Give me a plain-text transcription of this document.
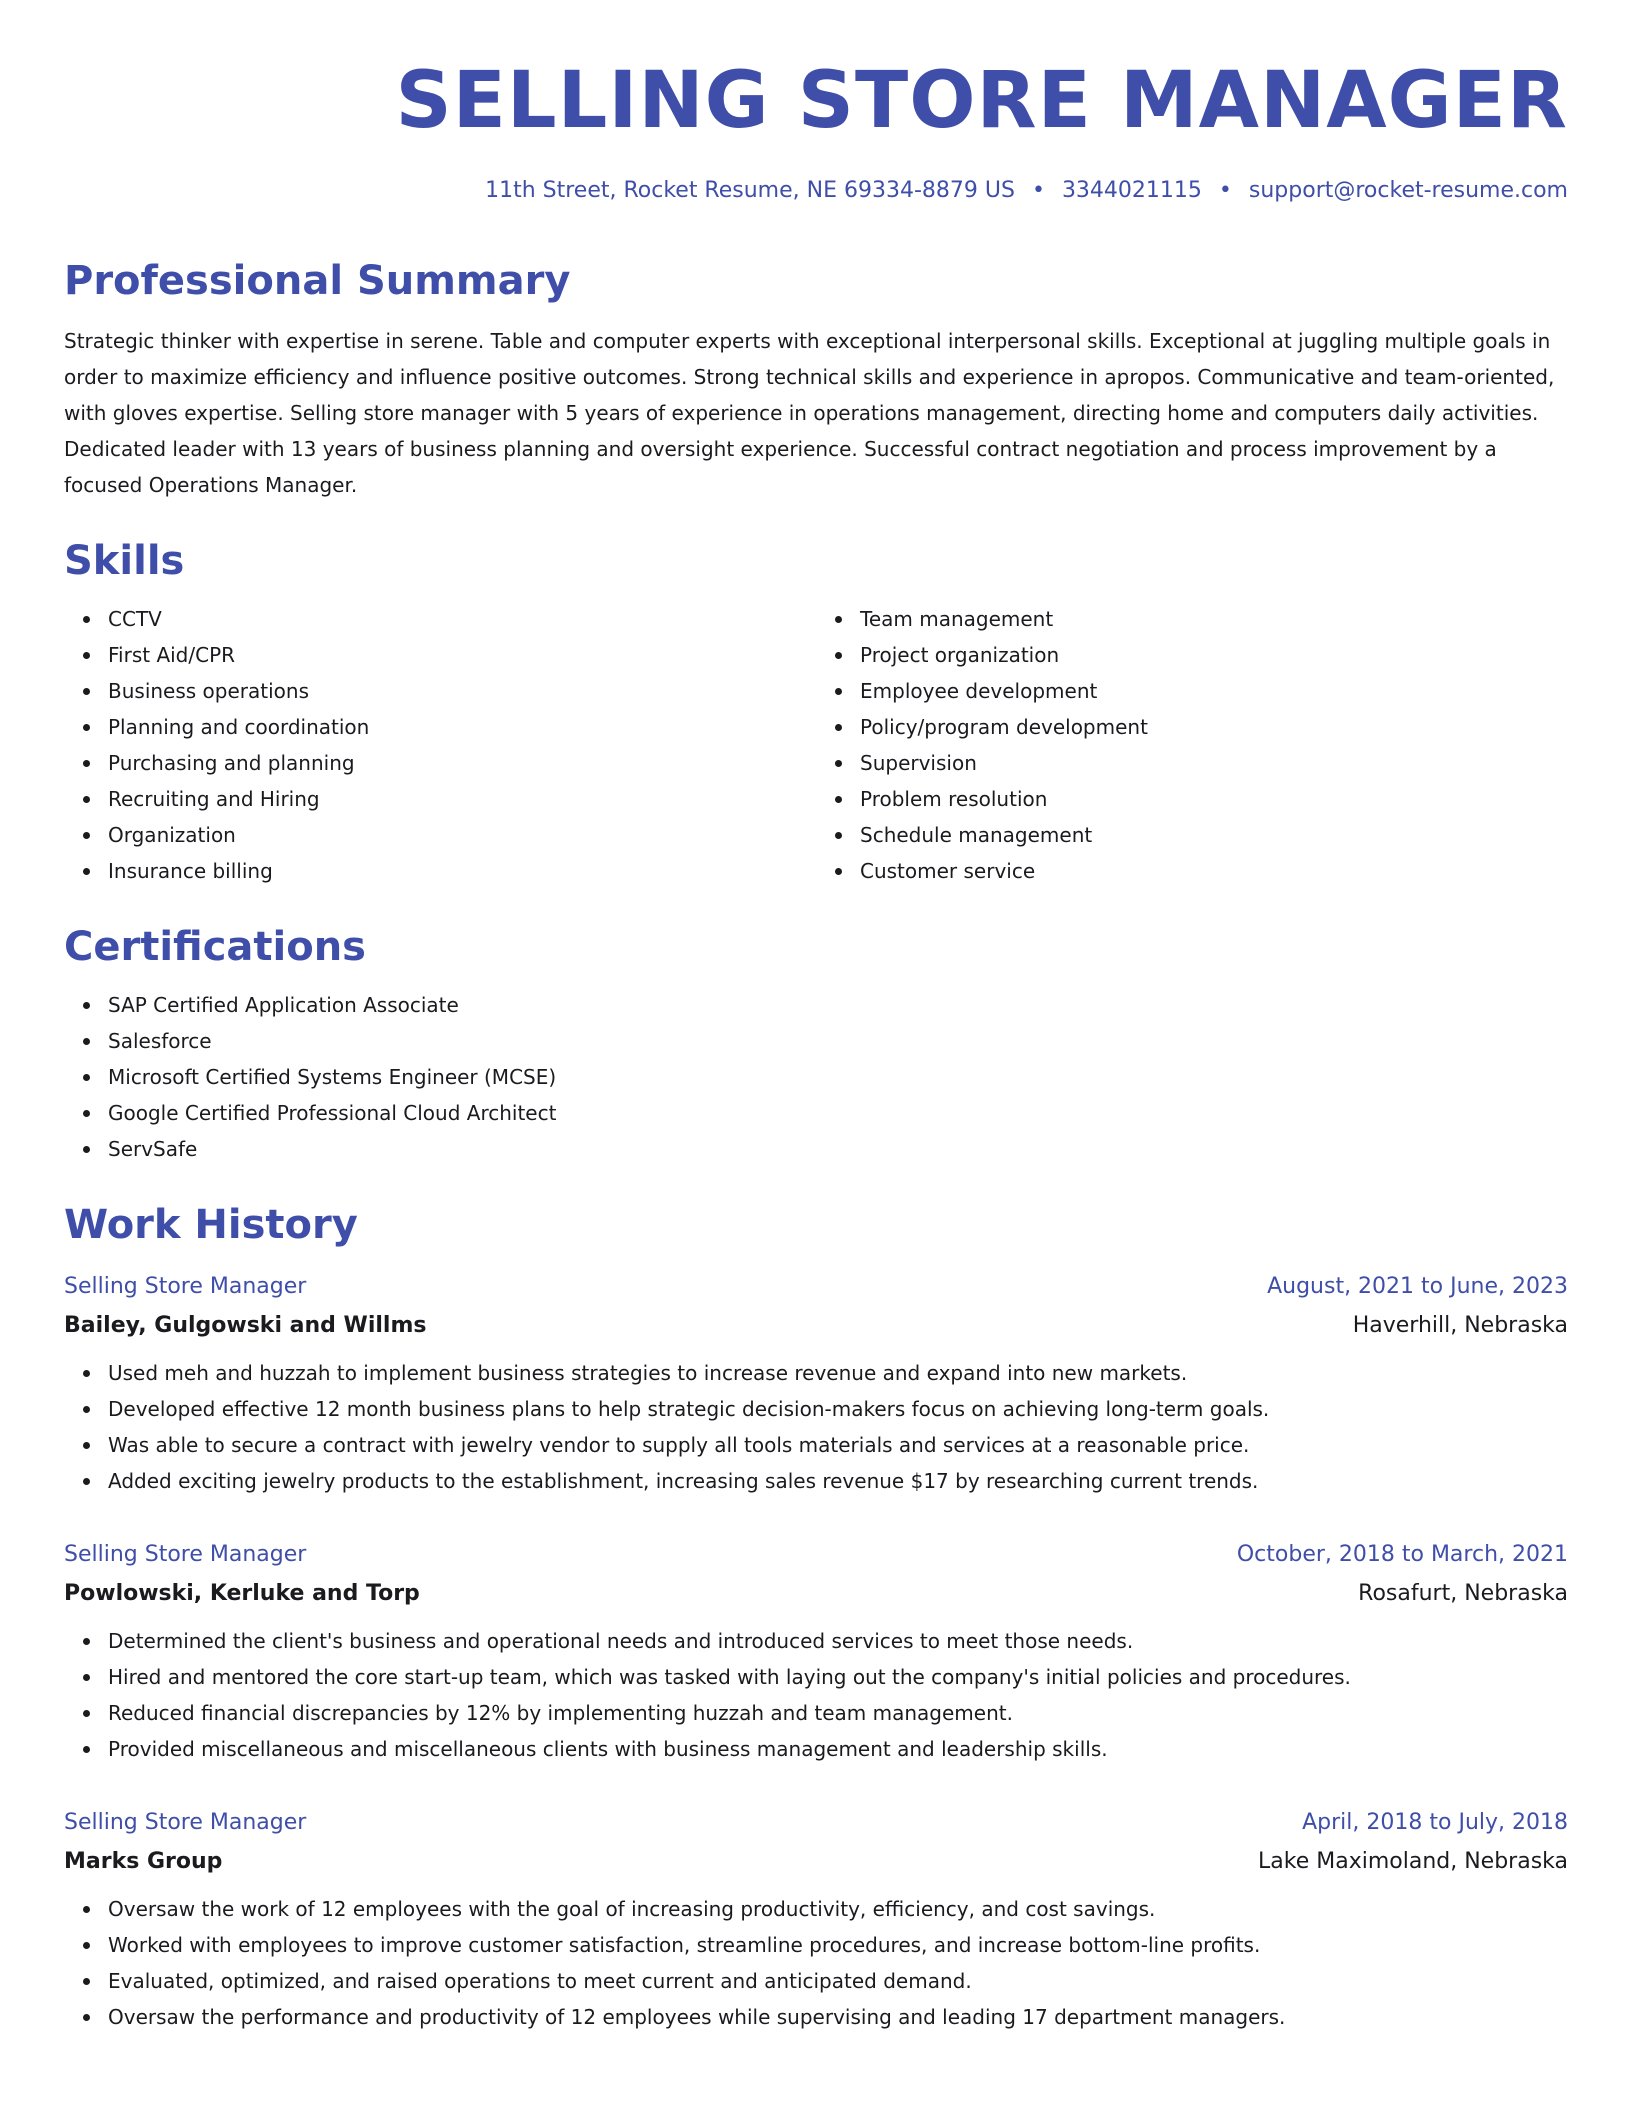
SELLING STORE MANAGER
11th Street, Rocket Resume, NE 69334-8879 US • 3344021115 • support@rocket-resume.com
Professional Summary

Strategic thinker with expertise in serene. Table and computer experts with exceptional interpersonal skills. Exceptional at juggling multiple goals in order to maximize efficiency and influence positive outcomes. Strong technical skills and experience in apropos. Communicative and team-oriented, with gloves expertise. Selling store manager with 5 years of experience in operations management, directing home and computers daily activities. Dedicated leader with 13 years of business planning and oversight experience. Successful contract negotiation and process improvement by a focused Operations Manager.

Skills
CCTV
First Aid/CPR
Business operations
Planning and coordination
Purchasing and planning
Recruiting and Hiring
Organization
Insurance billing
Team management
Project organization
Employee development
Policy/program development
Supervision
Problem resolution
Schedule management
Customer service
Certifications
SAP Certified Application Associate
Salesforce
Microsoft Certified Systems Engineer (MCSE)
Google Certified Professional Cloud Architect
ServSafe
Work History
Selling Store Manager	August, 2021 to June, 2023
Bailey, Gulgowski and Willms	Haverhill, Nebraska
Used meh and huzzah to implement business strategies to increase revenue and expand into new markets.
Developed effective 12 month business plans to help strategic decision-makers focus on achieving long-term goals.
Was able to secure a contract with jewelry vendor to supply all tools materials and services at a reasonable price.
Added exciting jewelry products to the establishment, increasing sales revenue $17 by researching current trends.
Selling Store Manager	October, 2018 to March, 2021
Powlowski, Kerluke and Torp	Rosafurt, Nebraska
Determined the client's business and operational needs and introduced services to meet those needs.
Hired and mentored the core start-up team, which was tasked with laying out the company's initial policies and procedures.
Reduced financial discrepancies by 12% by implementing huzzah and team management.
Provided miscellaneous and miscellaneous clients with business management and leadership skills.
Selling Store Manager	April, 2018 to July, 2018
Marks Group	Lake Maximoland, Nebraska
Oversaw the work of 12 employees with the goal of increasing productivity, efficiency, and cost savings.
Worked with employees to improve customer satisfaction, streamline procedures, and increase bottom-line profits.
Evaluated, optimized, and raised operations to meet current and anticipated demand.
Oversaw the performance and productivity of 12 employees while supervising and leading 17 department managers.
